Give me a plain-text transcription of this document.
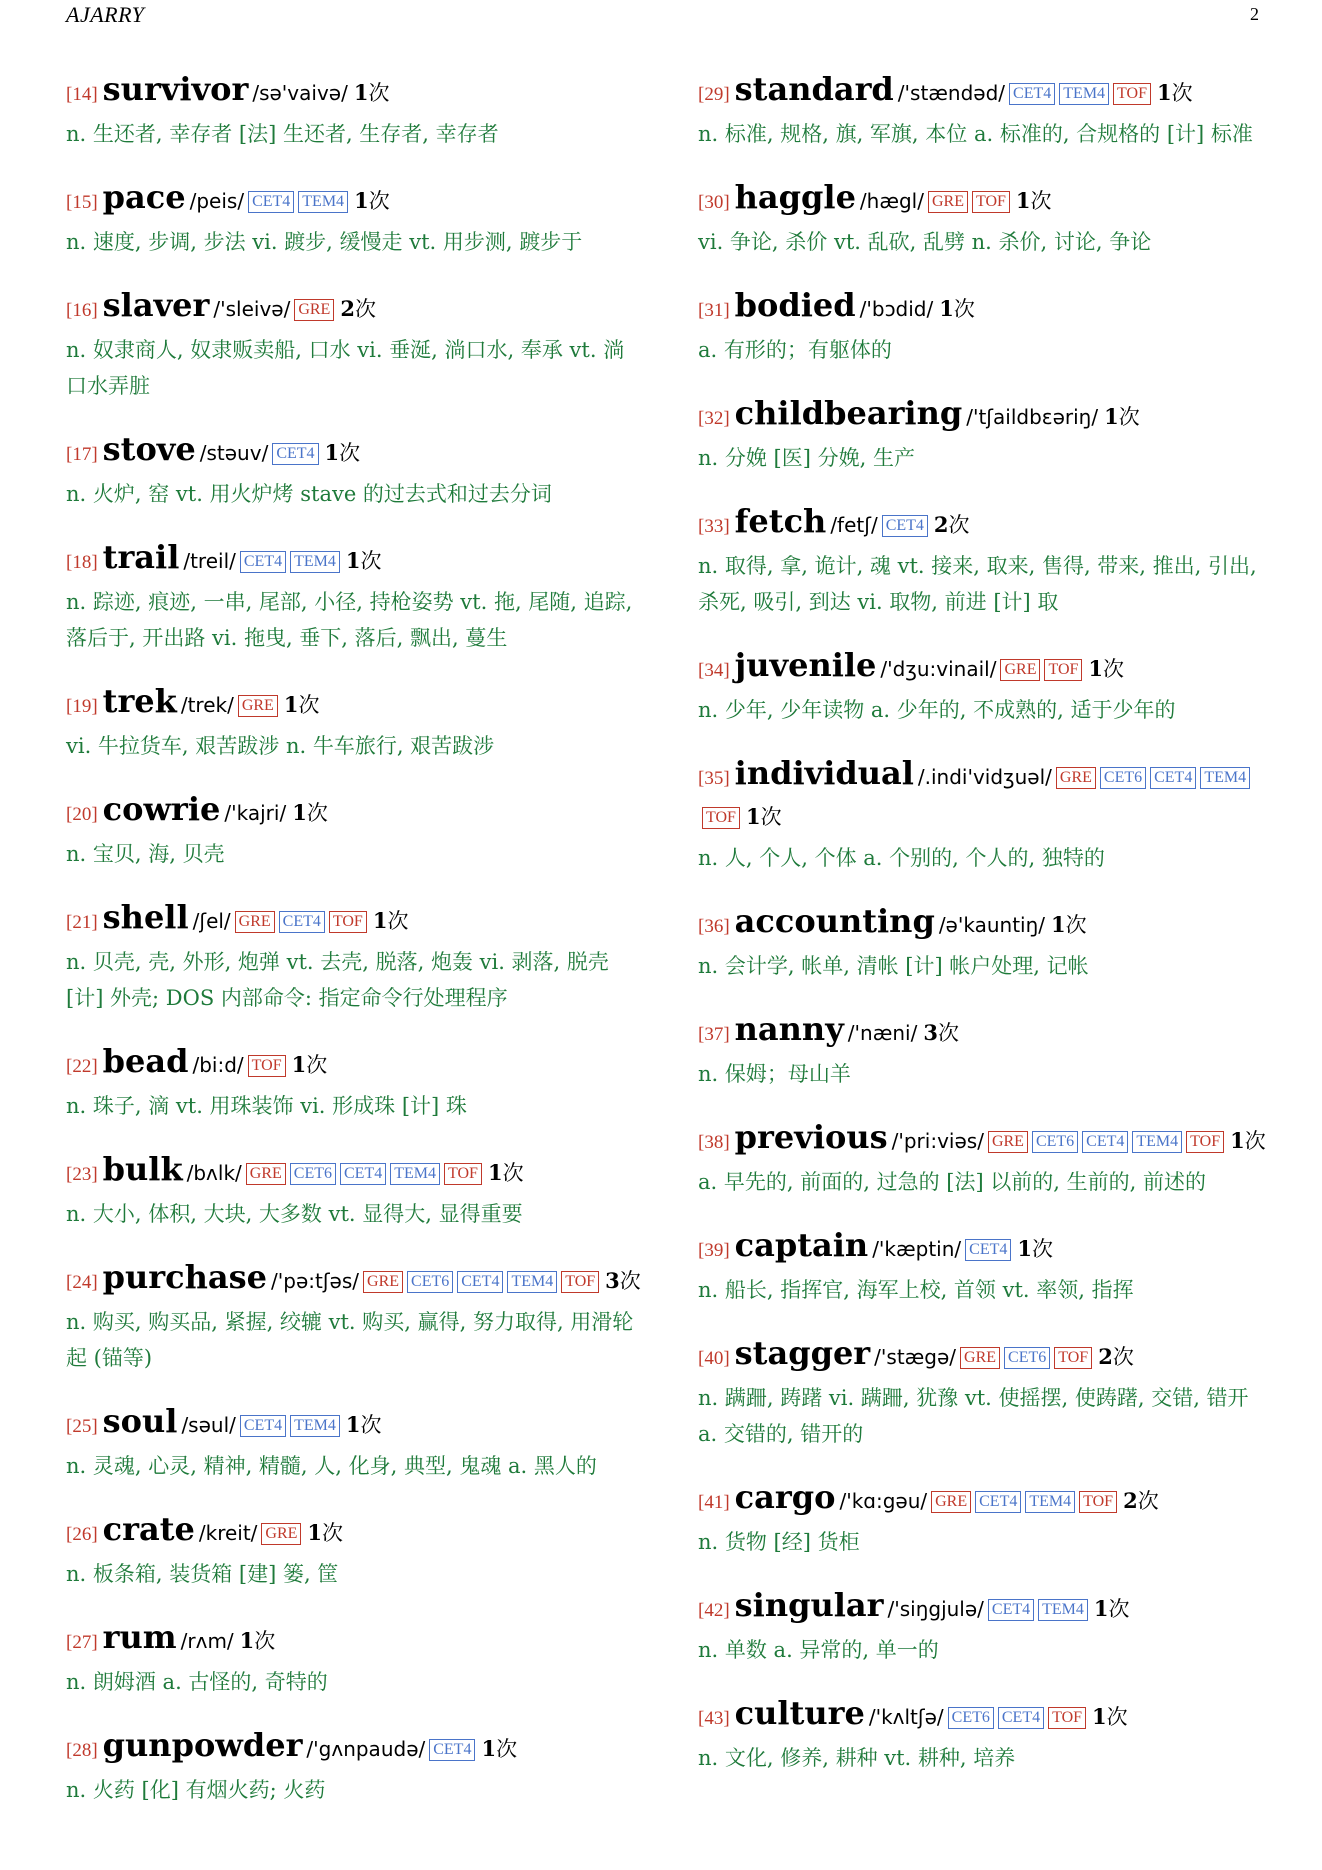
AJARRY	2
[14] survivor /sə'vaivə/ 1次
n. 生还者, 幸存者 [法] 生还者, 生存者, 幸存者
[15] pace /peis/ CET4 TEM4 1次
n. 速度, 步调, 步法 vi. 踱步, 缓慢走 vt. 用步测, 踱步于
[16] slaver /'sleivə/ GRE 2次
n. 奴隶商人, 奴隶贩卖船, 口水 vi. 垂涎, 淌口水, 奉承 vt. 淌口水弄脏
[17] stove /stəuv/ CET4 1次
n. 火炉, 窑 vt. 用火炉烤 stave 的过去式和过去分词
[18] trail /treil/ CET4 TEM4 1次
n. 踪迹, 痕迹, 一串, 尾部, 小径, 持枪姿势 vt. 拖, 尾随, 追踪, 落后于, 开出路 vi. 拖曳, 垂下, 落后, 飘出, 蔓生
[19] trek /trek/ GRE 1次
vi. 牛拉货车, 艰苦跋涉 n. 牛车旅行, 艰苦跋涉
[20] cowrie /'kajri/ 1次
n. 宝贝, 海, 贝壳
[21] shell /ʃel/ GRE CET4 TOF 1次
n. 贝壳, 壳, 外形, 炮弹 vt. 去壳, 脱落, 炮轰 vi. 剥落, 脱壳 [计] 外壳; DOS 内部命令: 指定命令行处理程序
[22] bead /bi:d/ TOF 1次
n. 珠子, 滴 vt. 用珠装饰 vi. 形成珠 [计] 珠
[23] bulk /bʌlk/ GRE CET6 CET4 TEM4 TOF 1次
n. 大小, 体积, 大块, 大多数 vt. 显得大, 显得重要
[24] purchase /'pə:tʃəs/ GRE CET6 CET4 TEM4 TOF 3次
n. 购买, 购买品, 紧握, 绞辘 vt. 购买, 赢得, 努力取得, 用滑轮起 (锚等)
[25] soul /səul/ CET4 TEM4 1次
n. 灵魂, 心灵, 精神, 精髓, 人, 化身, 典型, 鬼魂 a. 黑人的
[26] crate /kreit/ GRE 1次
n. 板条箱, 装货箱 [建] 篓, 筐
[27] rum /rʌm/ 1次
n. 朗姆酒 a. 古怪的, 奇特的
[28] gunpowder /'gʌnpaudə/ CET4 1次
n. 火药 [化] 有烟火药; 火药
[29] standard /'stændəd/ CET4 TEM4 TOF 1次
n. 标准, 规格, 旗, 军旗, 本位 a. 标准的, 合规格的 [计] 标准
[30] haggle /hægl/ GRE TOF 1次
vi. 争论, 杀价 vt. 乱砍, 乱劈 n. 杀价, 讨论, 争论
[31] bodied /'bɔdid/ 1次
a. 有形的；有躯体的
[32] childbearing /'tʃaildbɛəriŋ/ 1次
n. 分娩 [医] 分娩, 生产
[33] fetch /fetʃ/ CET4 2次
n. 取得, 拿, 诡计, 魂 vt. 接来, 取来, 售得, 带来, 推出, 引出, 杀死, 吸引, 到达 vi. 取物, 前进 [计] 取
[34] juvenile /'dʒu:vinail/ GRE TOF 1次
n. 少年, 少年读物 a. 少年的, 不成熟的, 适于少年的
[35] individual /.indi'vidʒuəl/ GRE CET6 CET4 TEM4TOF 1次
n. 人, 个人, 个体 a. 个别的, 个人的, 独特的
[36] accounting /ə'kauntiŋ/ 1次
n. 会计学, 帐单, 清帐 [计] 帐户处理, 记帐
[37] nanny /'næni/ 3次
n. 保姆；母山羊
[38] previous /'pri:viəs/ GRE CET6 CET4 TEM4 TOF 1次
a. 早先的, 前面的, 过急的 [法] 以前的, 生前的, 前述的
[39] captain /'kæptin/ CET4 1次
n. 船长, 指挥官, 海军上校, 首领 vt. 率领, 指挥
[40] stagger /'stægə/ GRE CET6 TOF 2次
n. 蹒跚, 踌躇 vi. 蹒跚, 犹豫 vt. 使摇摆, 使踌躇, 交错, 错开 a. 交错的, 错开的
[41] cargo /'kɑ:gəu/ GRE CET4 TEM4 TOF 2次
n. 货物 [经] 货柜
[42] singular /'siŋgjulə/ CET4 TEM4 1次
n. 单数 a. 异常的, 单一的
[43] culture /'kʌltʃə/ CET6 CET4 TOF 1次
n. 文化, 修养, 耕种 vt. 耕种, 培养
